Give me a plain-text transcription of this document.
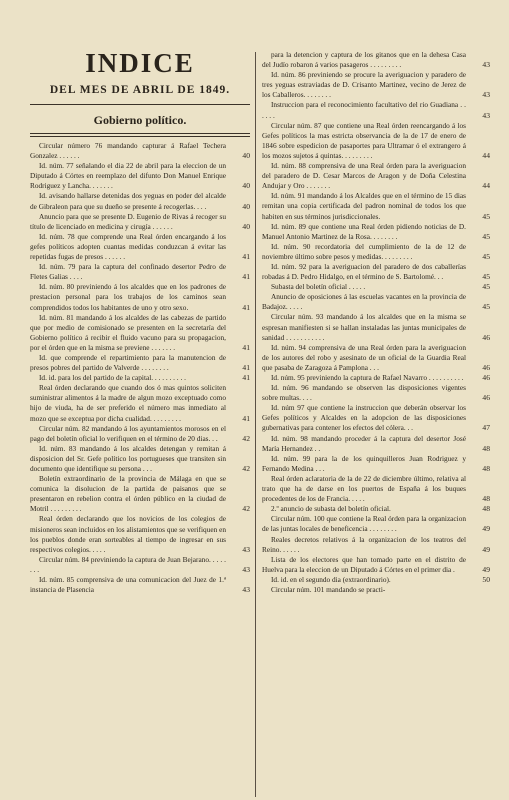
INDICE
DEL MES DE ABRIL DE 1849.
Gobierno político.
Circular número 76 mandando capturar á Rafael Techera Gonzalez . . . . . .	40
Id. núm. 77 señalando el dia 22 de abril para la eleccion de un Diputado á Córtes en reemplazo del difunto Don Manuel Enrique Rodriguez y Lancha. . . . . . .	40
Id. avisando hallarse detenidas dos yeguas en poder del alcalde de Gibraleon para que su dueño se presente á recogerlas. . . .	40
Anuncio para que se presente D. Eugenio de Rivas á recoger su título de licenciado en medicina y cirugía . . . . . .	40
Id. núm. 78 que comprende una Real órden encargando á los gefes políticos adopten cuantas medidas conduzcan á evitar las repetidas fugas de presos . . . . . .	41
Id. núm. 79 para la captura del confinado desertor Pedro de Fletes Galias . . . .	41
Id. núm. 80 previniendo á los alcaldes que en los padrones de prestacion personal para los trabajos de los caminos sean comprendidos todos los habitantes de uno y otro sexo.	41
Id. núm. 81 mandando á los alcaldes de las cabezas de partido que por medio de comisionado se presenten en la secretaría del Gobierno político á recibir el fluido vacuno para su propagacion, por el órden que en la misma se previene . . . . . . .	41
Id. que comprende el repartimiento para la manutencion de presos pobres del partido de Valverde . . . . . . . .	41
Id. id. para los del partido de la capital. . . . . . . . . .	41
Real órden declarando que cuando dos ó mas quintos soliciten suministrar alimentos á la madre de algun mozo exceptuado como hijo de viuda, ha de ser preferido el número mas inmediato al mozo que se exceptua por dicha cualidad. . . . . . . . .	41
Circular núm. 82 mandando á los ayuntamientos morosos en el pago del boletín oficial lo verifiquen en el término de 20 dias. . .	42
Id. núm. 83 mandando á los alcaldes detengan y remitan á disposicion del Sr. Gefe político los portugueses que transiten sin documento que identifique su persona . . .	42
Boletín extraordinario de la provincia de Málaga en que se comunica la disolucion de la partida de paisanos que se presentaron en rebelion contra el órden público en la ciudad de Motril . . . . . . . . .	42
Real órden declarando que los novicios de los colegios de misioneros sean incluidos en los alistamientos que se verifiquen en los pueblos donde eran sorteables al tiempo de ingresar en sus respectivos colegios. . . . .	43
Circular núm. 84 previniendo la captura de Juan Bejarano. . . . . . . .	43
Id. núm. 85 comprensiva de una comunicacion del Juez de 1.ª instancia de Plasencia	43
para la detencion y captura de los gitanos que en la dehesa Casa del Judío robaron á varios pasageros . . . . . . . . .	43
Id. núm. 86 previniendo se procure la averiguacion y paradero de tres yeguas estraviadas de D. Crisanto Martinez, vecino de Jerez de los Caballeros. . . . . . . .	43
Instruccion para el reconocimiento facultativo del rio Guadiana . . . . . .	43
Circular núm. 87 que contiene una Real órden reencargando á los Gefes políticos la mas estricta observancia de la de 17 de enero de 1846 sobre espedicion de pasaportes para Ultramar ó el extrangero á los mozos sujetos á quintas. . . . . . . . .	44
Id. núm. 88 comprensiva de una Real órden para la averiguacion del paradero de D. Cesar Marcos de Aragon y de Doña Celestina Andujar y Oro . . . . . . .	44
Id. núm. 91 mandando á los Alcaldes que en el término de 15 dias remitan una copia certificada del padron nominal de todos los que habiten en sus términos jurisdiccionales.	45
Id. núm. 89 que contiene una Real órden pidiendo noticias de D. Manuel Antonio Martinez de la Rosa. . . . . . . .	45
Id. núm. 90 recordatoria del cumplimiento de la de 12 de noviembre último sobre pesos y medidas. . . . . . . . .	45
Id. núm. 92 para la averiguacion del paradero de dos caballerías robadas á D. Pedro Hidalgo, en el término de S. Bartolomé. . .	45
Subasta del boletín oficial . . . . .	45
Anuncio de oposiciones á las escuelas vacantes en la provincia de Badajoz. . . . .	45
Circular núm. 93 mandando á los alcaldes que en la misma se espresan manifiesten si se hallan instaladas las juntas municipales de sanidad . . . . . . . . . . .	46
Id. núm. 94 comprensiva de una Real órden para la averiguacion de los autores del robo y asesinato de un oficial de la Guardia Real que pasaba de Zaragoza á Pamplona . . .	46
Id. núm. 95 previniendo la captura de Rafael Navarro . . . . . . . . . .	46
Id. núm. 96 mandando se observen las disposiciones vigentes sobre multas. . . .	46
Id. núm 97 que contiene la instruccion que deberán observar los Gefes políticos y Alcaldes en la adopcion de las disposiciones gubernativas para contener los efectos del cólera. . .	47
Id. núm. 98 mandando proceder á la captura del desertor José María Hernandez . .	48
Id. núm. 99 para la de los quinquilleros Juan Rodriguez y Fernando Medina . . .	48
Real órden aclaratoria de la de 22 de diciembre último, relativa al trato que ha de darse en los puertos de España á los buques procedentes de los de Francia. . . . .	48
2.º anuncio de subasta del boletín oficial.	48
Circular núm. 100 que contiene la Real órden para la organizacion de las juntas locales de beneficencia . . . . . . . .	49
Reales decretos relativos á la organizacion de los teatros del Reino. . . . . .	49
Lista de los electores que han tomado parte en el distrito de Huelva para la eleccion de un Diputado á Córtes en el primer dia .	49
Id. id. en el segundo dia (extraordinario).	50
Circular núm. 101 mandando se practi-
